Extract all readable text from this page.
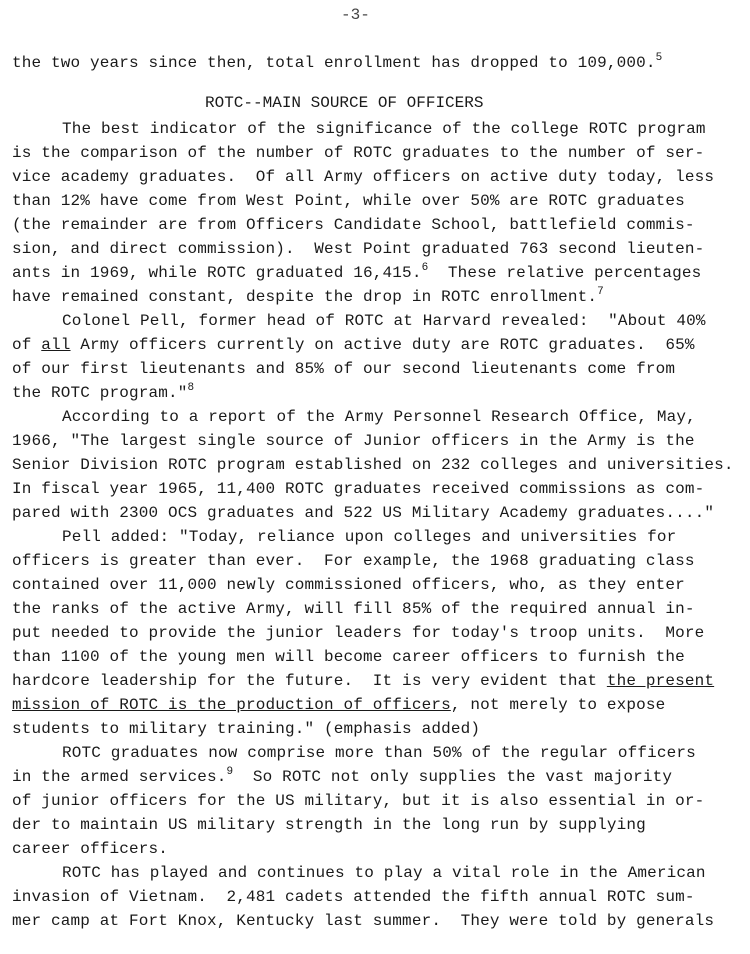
-3-
ROTC--MAIN SOURCE OF OFFICERS
the two years since then, total enrollment has dropped to 109,000.$^5$
The best indicator of the significance of the college ROTC program
is the comparison of the number of ROTC graduates to the number of ser-
vice academy graduates.  Of all Army officers on active duty today, less
than 12% have come from West Point, while over 50% are ROTC graduates
(the remainder are from Officers Candidate School, battlefield commis-
sion, and direct commission).  West Point graduated 763 second lieuten-
ants in 1969, while ROTC graduated 16,415.$^6$  These relative percentages
have remained constant, despite the drop in ROTC enrollment.$^7$
Colonel Pell, former head of ROTC at Harvard revealed:  "About 40%
of all Army officers currently on active duty are ROTC graduates.  65%
of our first lieutenants and 85% of our second lieutenants come from
the ROTC program."$^8$
According to a report of the Army Personnel Research Office, May,
1966, "The largest single source of Junior officers in the Army is the
Senior Division ROTC program established on 232 colleges and universities.
In fiscal year 1965, 11,400 ROTC graduates received commissions as com-
pared with 2300 OCS graduates and 522 US Military Academy graduates...."
Pell added: "Today, reliance upon colleges and universities for
officers is greater than ever.  For example, the 1968 graduating class
contained over 11,000 newly commissioned officers, who, as they enter
the ranks of the active Army, will fill 85% of the required annual in-
put needed to provide the junior leaders for today's troop units.  More
than 1100 of the young men will become career officers to furnish the
hardcore leadership for the future.  It is very evident that the present
mission of ROTC is the production of officers, not merely to expose
students to military training." (emphasis added)
ROTC graduates now comprise more than 50% of the regular officers
in the armed services.$^9$  So ROTC not only supplies the vast majority
of junior officers for the US military, but it is also essential in or-
der to maintain US military strength in the long run by supplying
career officers.
ROTC has played and continues to play a vital role in the American
invasion of Vietnam.  2,481 cadets attended the fifth annual ROTC sum-
mer camp at Fort Knox, Kentucky last summer.  They were told by generals
